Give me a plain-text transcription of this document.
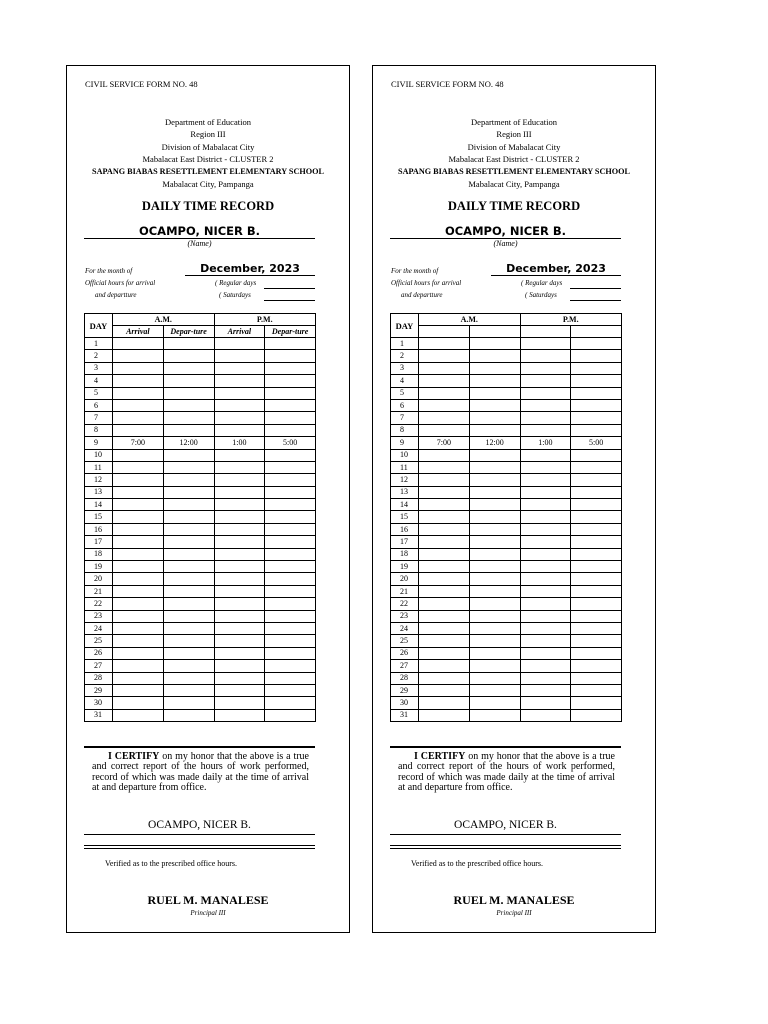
CIVIL SERVICE FORM NO. 48
Department of Education
Region III
Division of Mabalacat City
Mabalacat East District - CLUSTER 2
SAPANG BIABAS RESETTLEMENT ELEMENTARY SCHOOL
Mabalacat City, Pampanga
DAILY TIME RECORD
OCAMPO, NICER B.
(Name)
For the month of	December, 2023
Official hours for arrival
and departture
( Regular days
( Saturdays
DAY	A.M.		P.M.	
	Arrival	Depar-ture	Arrival	Depar-ture
1				
2				
3				
4				
5				
6				
7				
8				
9	7:00	12:00	1:00	5:00
10				
11				
12				
13				
14				
15				
16				
17				
18				
19				
20				
21				
22				
23				
24				
25				
26				
27				
28				
29				
30				
31				
I CERTIFY on my honor that the above is a true and correct report of the hours of work performed, record of which was made daily at the time of arrival at and departure from office.
OCAMPO, NICER B.
Verified as to the prescribed office hours.
RUEL M. MANALESE
Principal III
CIVIL SERVICE FORM NO. 48
Department of Education
Region III
Division of Mabalacat City
Mabalacat East District - CLUSTER 2
SAPANG BIABAS RESETTLEMENT ELEMENTARY SCHOOL
Mabalacat City, Pampanga
DAILY TIME RECORD
OCAMPO, NICER B.
(Name)
For the month of	December, 2023
Official hours for arrival
and departture
( Regular days
( Saturdays
DAY	A.M.		P.M.	

1				
2				
3				
4				
5				
6				
7				
8				
9	7:00	12:00	1:00	5:00
10				
11				
12				
13				
14				
15				
16				
17				
18				
19				
20				
21				
22				
23				
24				
25				
26				
27				
28				
29				
30				
31				
I CERTIFY on my honor that the above is a true and correct report of the hours of work performed, record of which was made daily at the time of arrival at and departure from office.
OCAMPO, NICER B.
Verified as to the prescribed office hours.
RUEL M. MANALESE
Principal III
